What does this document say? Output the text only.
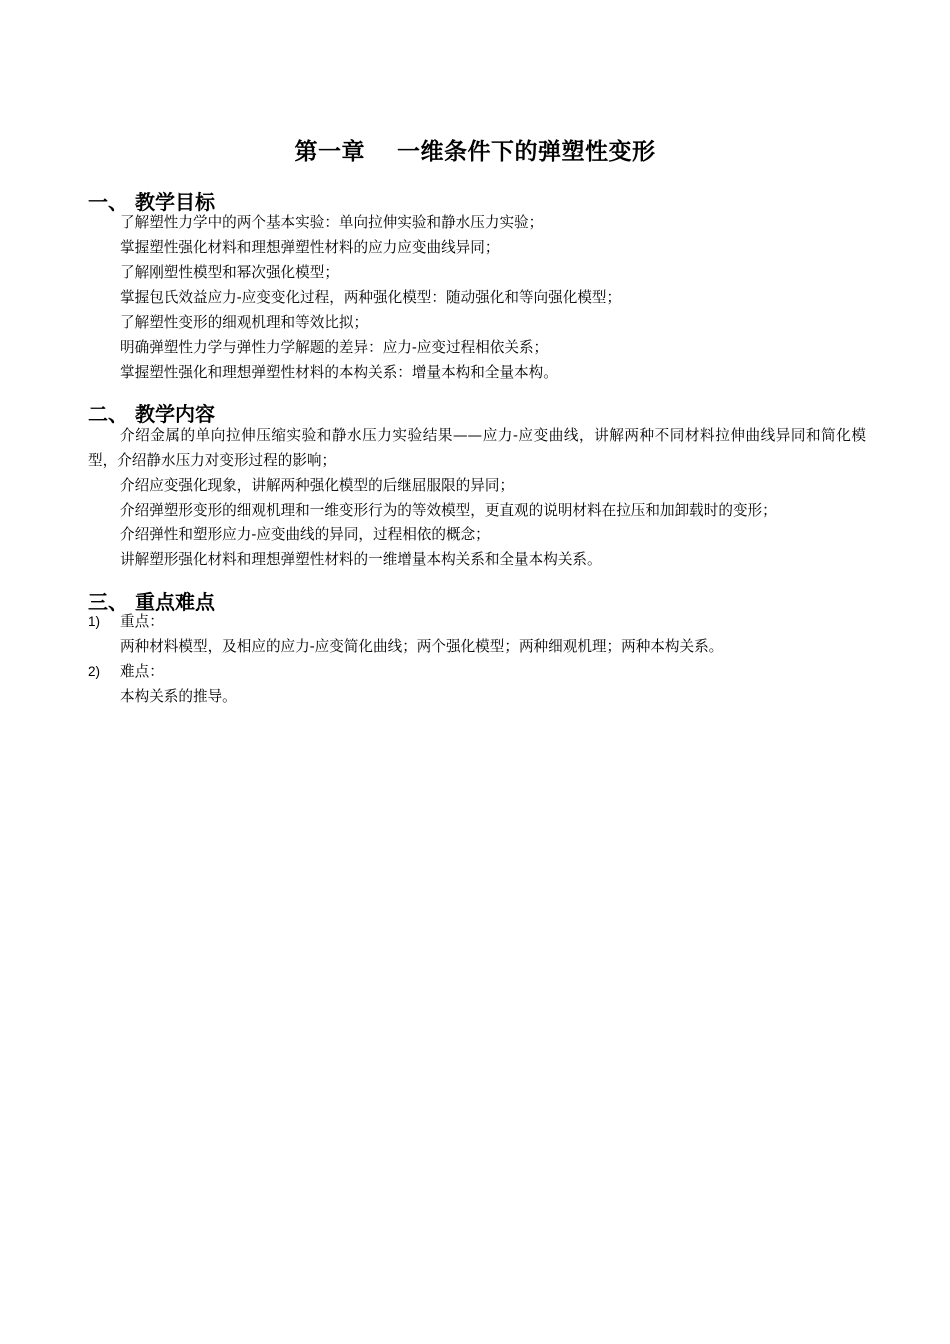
第一章　 一维条件下的弹塑性变形
一、 教学目标
了解塑性力学中的两个基本实验：单向拉伸实验和静水压力实验；
掌握塑性强化材料和理想弹塑性材料的应力应变曲线异同；
了解刚塑性模型和幂次强化模型；
掌握包氏效益应力-应变变化过程，两种强化模型：随动强化和等向强化模型；
了解塑性变形的细观机理和等效比拟；
明确弹塑性力学与弹性力学解题的差异：应力-应变过程相依关系；
掌握塑性强化和理想弹塑性材料的本构关系：增量本构和全量本构。
二、 教学内容
介绍金属的单向拉伸压缩实验和静水压力实验结果——应力-应变曲线，讲解两种不同材料拉伸曲线异同和简化模型，介绍静水压力对变形过程的影响；
介绍应变强化现象，讲解两种强化模型的后继屈服限的异同；
介绍弹塑形变形的细观机理和一维变形行为的等效模型，更直观的说明材料在拉压和加卸载时的变形；
介绍弹性和塑形应力-应变曲线的异同，过程相依的概念；
讲解塑形强化材料和理想弹塑性材料的一维增量本构关系和全量本构关系。
三、 重点难点
1) 重点：
两种材料模型，及相应的应力-应变简化曲线；两个强化模型；两种细观机理；两种本构关系。
2) 难点：
本构关系的推导。
